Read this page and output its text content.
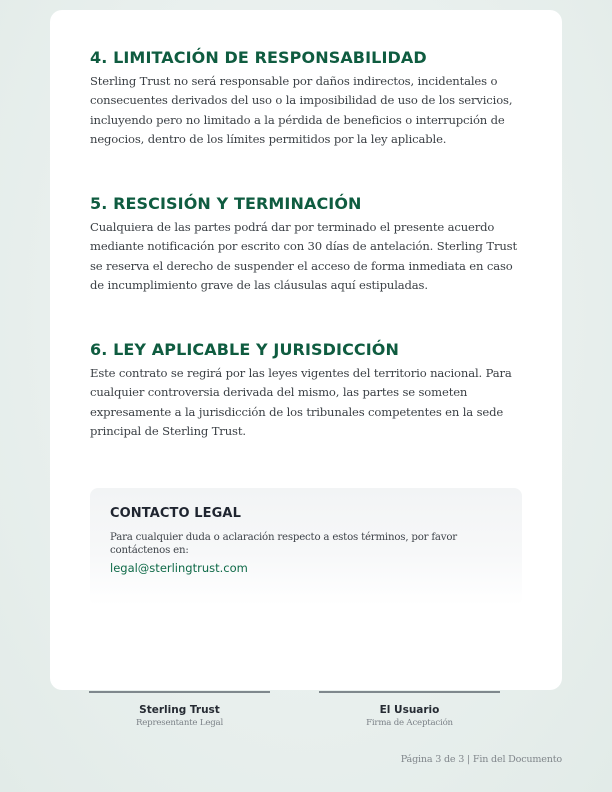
4. LIMITACIÓN DE RESPONSABILIDAD

Sterling Trust no será responsable por daños indirectos, incidentales o consecuentes derivados del uso o la imposibilidad de uso de los servicios, incluyendo pero no limitado a la pérdida de beneficios o interrupción de negocios, dentro de los límites permitidos por la ley aplicable.

5. RESCISIÓN Y TERMINACIÓN

Cualquiera de las partes podrá dar por terminado el presente acuerdo mediante notificación por escrito con 30 días de antelación. Sterling Trust se reserva el derecho de suspender el acceso de forma inmediata en caso de incumplimiento grave de las cláusulas aquí estipuladas.

6. LEY APLICABLE Y JURISDICCIÓN

Este contrato se regirá por las leyes vigentes del territorio nacional. Para cualquier controversia derivada del mismo, las partes se someten expresamente a la jurisdicción de los tribunales competentes en la sede principal de Sterling Trust.

CONTACTO LEGAL

Para cualquier duda o aclaración respecto a estos términos, por favor contáctenos en:

legal@sterlingtrust.com
Sterling Trust
Representante Legal
El Usuario
Firma de Aceptación
Página 3 de 3 | Fin del Documento
